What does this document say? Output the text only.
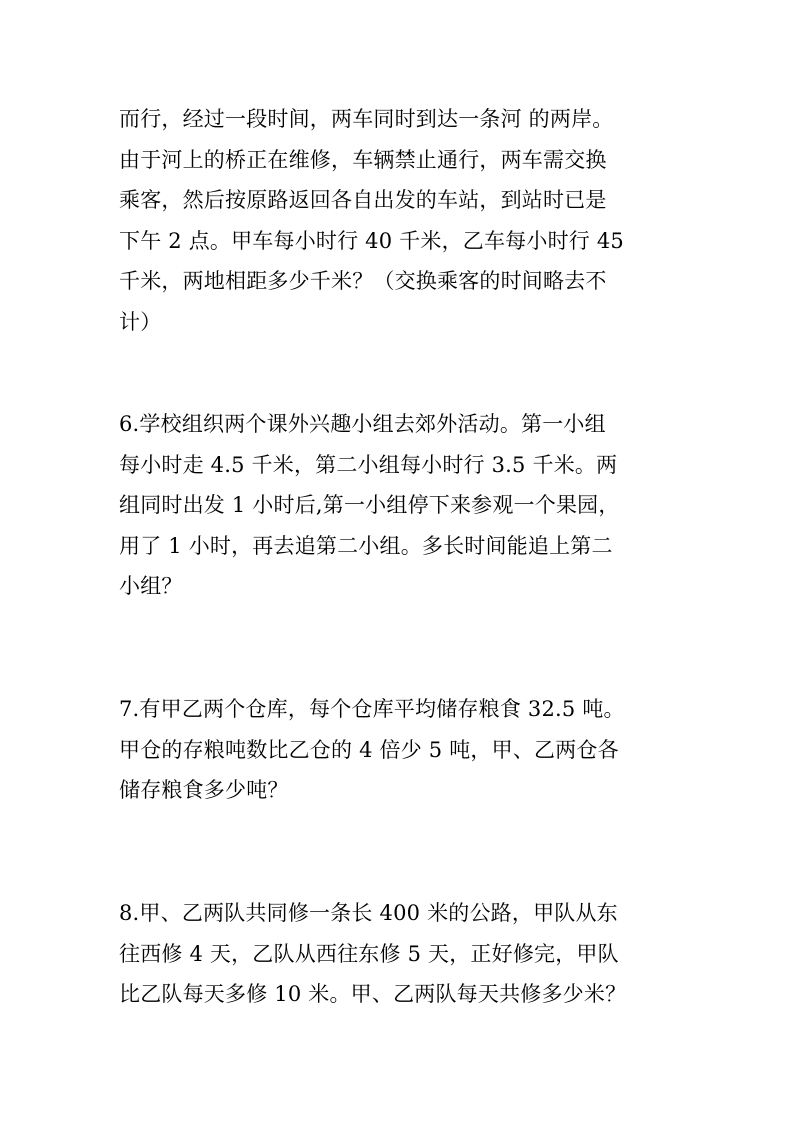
而行，经过一段时间，两车同时到达一条河 的两岸。
由于河上的桥正在维修，车辆禁止通行，两车需交换
乘客，然后按原路返回各自出发的车站，到站时已是
下午 2 点。甲车每小时行 40 千米，乙车每小时行 45
千米，两地相距多少千米？（交换乘客的时间略去不
计）
6.学校组织两个课外兴趣小组去郊外活动。第一小组
每小时走 4.5 千米，第二小组每小时行 3.5 千米。两
组同时出发 1 小时后,第一小组停下来参观一个果园，
用了 1 小时，再去追第二小组。多长时间能追上第二
小组？
7.有甲乙两个仓库，每个仓库平均储存粮食 32.5 吨。
甲仓的存粮吨数比乙仓的 4 倍少 5 吨，甲、乙两仓各
储存粮食多少吨？
8.甲、乙两队共同修一条长 400 米的公路，甲队从东
往西修 4 天，乙队从西往东修 5 天，正好修完，甲队
比乙队每天多修 10 米。甲、乙两队每天共修多少米？
